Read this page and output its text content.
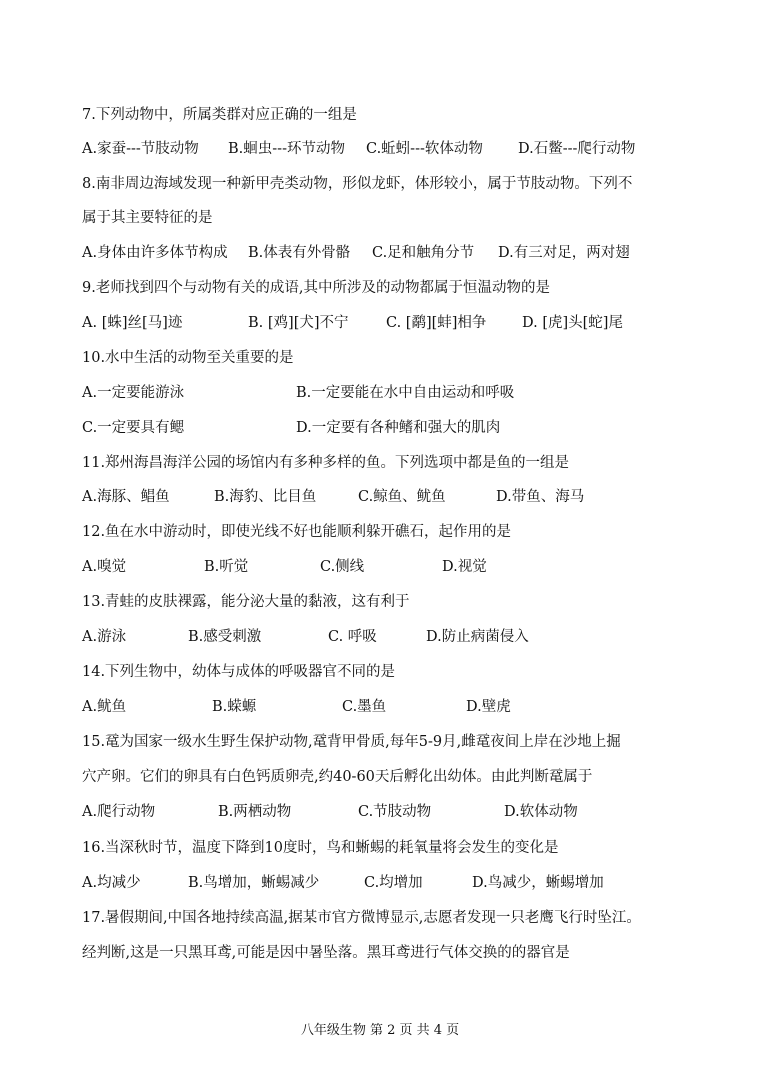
7.下列动物中，所属类群对应正确的一组是
A.家蚕---节肢动物 B.蛔虫---环节动物 C.蚯蚓---软体动物 D.石鳖---爬行动物
8.南非周边海域发现一种新甲壳类动物，形似龙虾，体形较小，属于节肢动物。下列不
属于其主要特征的是
A.身体由许多体节构成 B.体表有外骨骼 C.足和触角分节 D.有三对足，两对翅
9.老师找到四个与动物有关的成语,其中所涉及的动物都属于恒温动物的是
A. [蛛]丝[马]迹	B. [鸡][犬]不宁	C. [鹬][蚌]相争 D. [虎]头[蛇]尾
10.水中生活的动物至关重要的是
A.一定要能游泳	B.一定要能在水中自由运动和呼吸
C.一定要具有鳃	D.一定要有各种鳍和强大的肌肉
11.郑州海昌海洋公园的场馆内有多种多样的鱼。下列选项中都是鱼的一组是
A.海豚、鲳鱼	B.海豹、比目鱼	C.鲸鱼、鱿鱼	D.带鱼、海马
12.鱼在水中游动时，即使光线不好也能顺利躲开礁石，起作用的是
A.嗅觉	B.听觉	C.侧线	D.视觉
13.青蛙的皮肤裸露，能分泌大量的黏液，这有利于
A.游泳	B.感受刺激	C. 呼吸	D.防止病菌侵入
14.下列生物中，幼体与成体的呼吸器官不同的是
A.鱿鱼	B.蝾螈	C.墨鱼	D.壁虎
15.鼋为国家一级水生野生保护动物,鼋背甲骨质,每年5-9月,雌鼋夜间上岸在沙地上掘
穴产卵。它们的卵具有白色钙质卵壳,约40-60天后孵化出幼体。由此判断鼋属于
A.爬行动物	B.两栖动物	C.节肢动物	D.软体动物
16.当深秋时节，温度下降到10度时，鸟和蜥蜴的耗氧量将会发生的变化是
A.均减少	B.鸟增加，蜥蜴减少	C.均增加	D.鸟减少，蜥蜴增加
17.暑假期间,中国各地持续高温,据某市官方微博显示,志愿者发现一只老鹰飞行时坠江。
经判断,这是一只黑耳鸢,可能是因中暑坠落。黑耳鸢进行气体交换的的器官是
八年级生物 第 2 页 共 4 页
